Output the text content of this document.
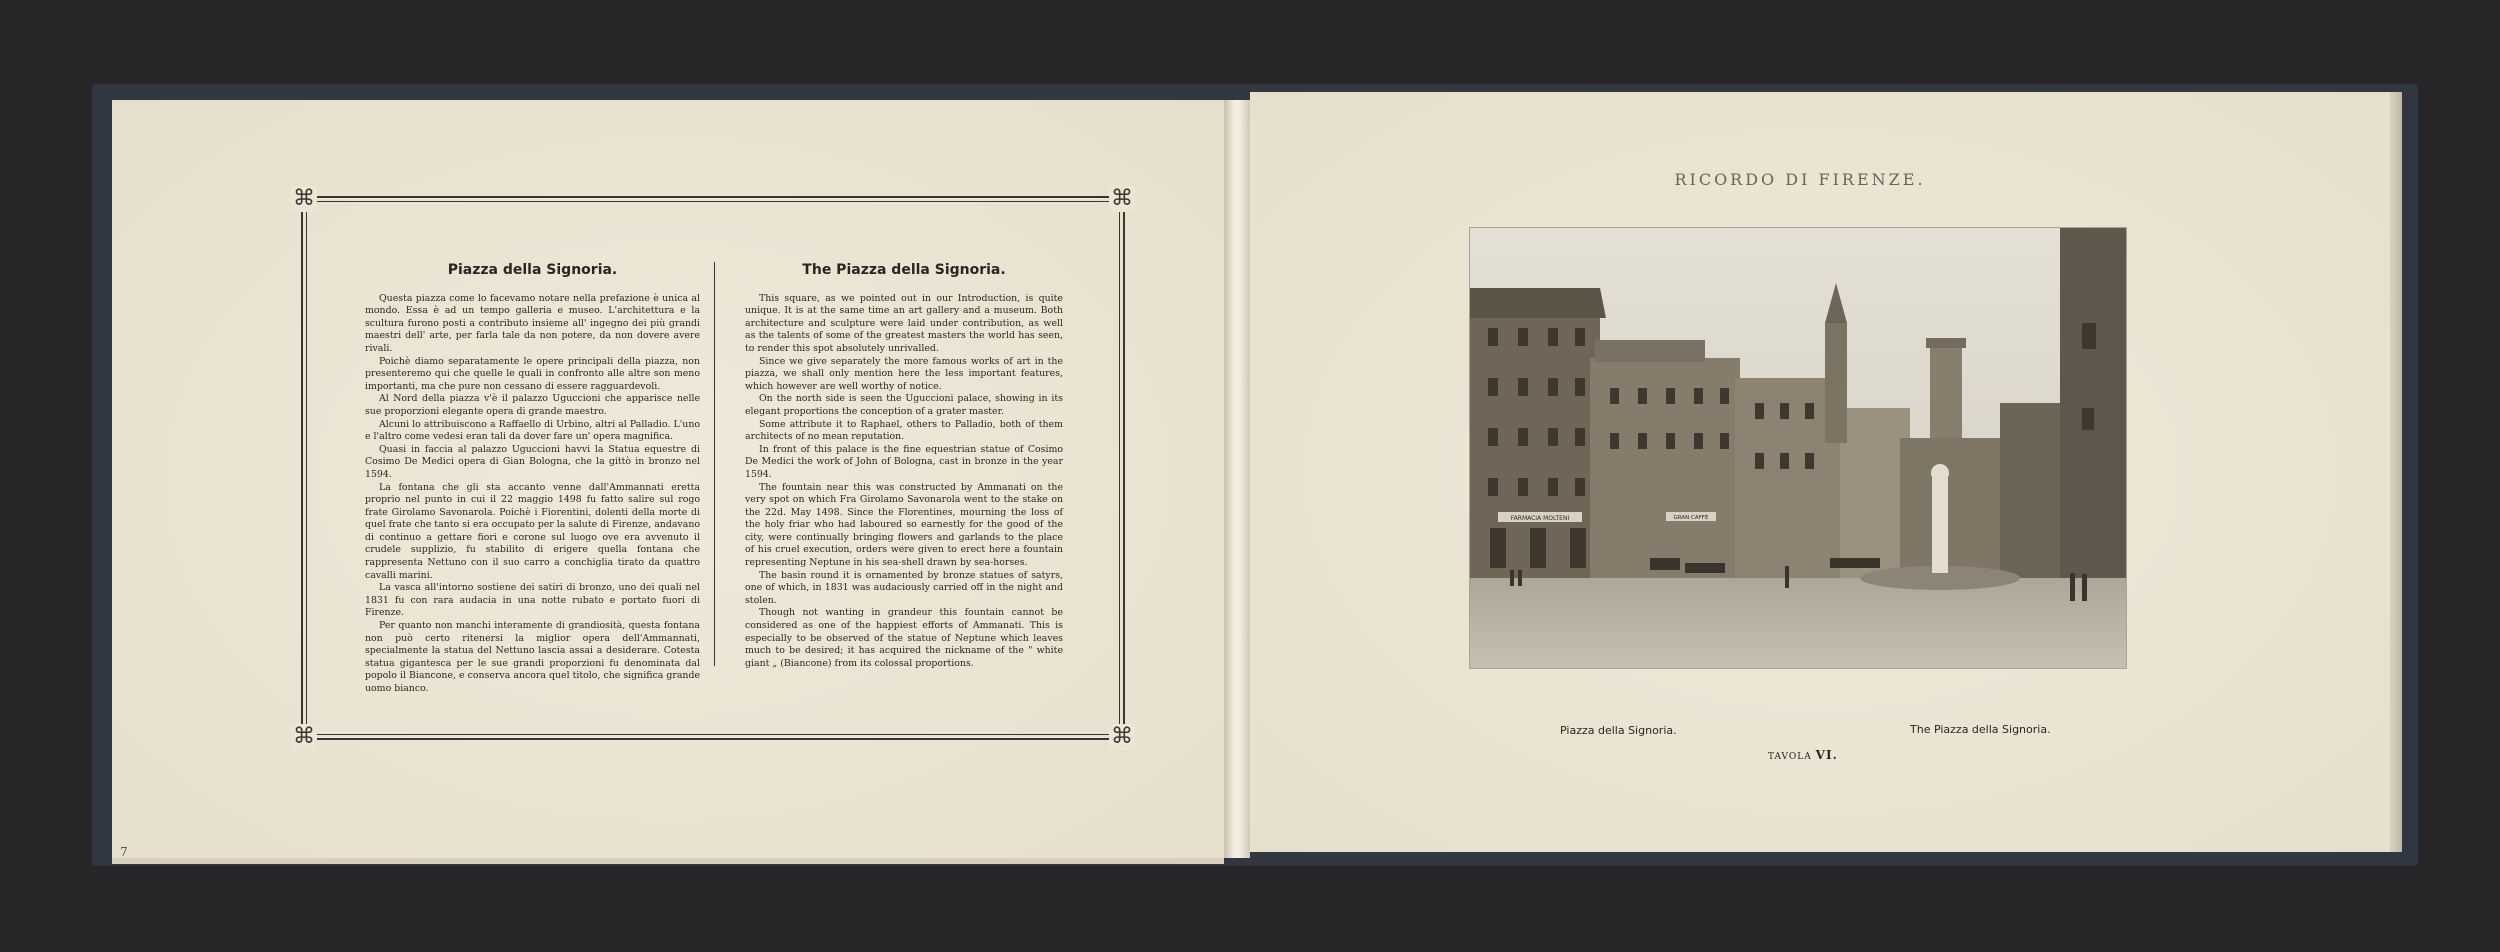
7
⌘	⌘
⌘	⌘
Piazza della Signoria.

Questa piazza come lo facevamo notare nella prefazione è unica al mondo. Essa è ad un tempo galleria e museo. L'architettura e la scultura furono posti a contributo insieme all' ingegno dei più grandi maestri dell' arte, per farla tale da non potere, da non dovere avere rivali.

Poichè diamo separatamente le opere principali della piazza, non presenteremo qui che quelle le quali in confronto alle altre son meno importanti, ma che pure non cessano di essere ragguardevoli.

Al Nord della piazza v'è il palazzo Uguccioni che apparisce nelle sue proporzioni elegante opera di grande maestro.

Alcuni lo attribuiscono a Raffaello di Urbino, altri al Palladio. L'uno e l'altro come vedesi eran tali da dover fare un' opera magnifica.

Quasi in faccia al palazzo Uguccioni havvi la Statua equestre di Cosimo De Medici opera di Gian Bologna, che la gittò in bronzo nel 1594.

La fontana che gli sta accanto venne dall'Ammannati eretta proprio nel punto in cui il 22 maggio 1498 fu fatto salire sul rogo frate Girolamo Savonarola. Poichè i Fiorentini, dolenti della morte di quel frate che tanto si era occupato per la salute di Firenze, andavano di continuo a gettare fiori e corone sul luogo ove era avvenuto il crudele supplizio, fu stabilito di erigere quella fontana che rappresenta Nettuno con il suo carro a conchiglia tirato da quattro cavalli marini.

La vasca all'intorno sostiene dei satiri di bronzo, uno dei quali nel 1831 fu con rara audacia in una notte rubato e portato fuori di Firenze.

Per quanto non manchi interamente di grandiosità, questa fontana non può certo ritenersi la miglior opera dell'Ammannati, specialmente la statua del Nettuno lascia assai a desiderare. Cotesta statua gigantesca per le sue grandi proporzioni fu denominata dal popolo il Biancone, e conserva ancora quel titolo, che significa grande uomo bianco.

The Piazza della Signoria.

This square, as we pointed out in our Introduction, is quite unique. It is at the same time an art gallery and a museum. Both architecture and sculpture were laid under contribution, as well as the talents of some of the greatest masters the world has seen, to render this spot absolutely unrivalled.

Since we give separately the more famous works of art in the piazza, we shall only mention here the less important features, which however are well worthy of notice.

On the north side is seen the Uguccioni palace, showing in its elegant proportions the conception of a grater master.

Some attribute it to Raphael, others to Palladio, both of them architects of no mean reputation.

In front of this palace is the fine equestrian statue of Cosimo De Medici the work of John of Bologna, cast in bronze in the year 1594.

The fountain near this was constructed by Ammanati on the very spot on which Fra Girolamo Savonarola went to the stake on the 22d. May 1498. Since the Florentines, mourning the loss of the holy friar who had laboured so earnestly for the good of the city, were continually bringing flowers and garlands to the place of his cruel execution, orders were given to erect here a fountain representing Neptune in his sea-shell drawn by sea-horses.

The basin round it is ornamented by bronze statues of satyrs, one of which, in 1831 was audaciously carried off in the night and stolen.

Though not wanting in grandeur this fountain cannot be considered as one of the happiest efforts of Ammanati. This is especially to be observed of the statue of Neptune which leaves much to be desired; it has acquired the nickname of the " white giant „ (Biancone) from its colossal proportions.

RICORDO DI FIRENZE.
FARMACIA MOLTENI	GRAN CAFFÈ
Piazza della Signoria.	The Piazza della Signoria.
TAVOLA VI.
